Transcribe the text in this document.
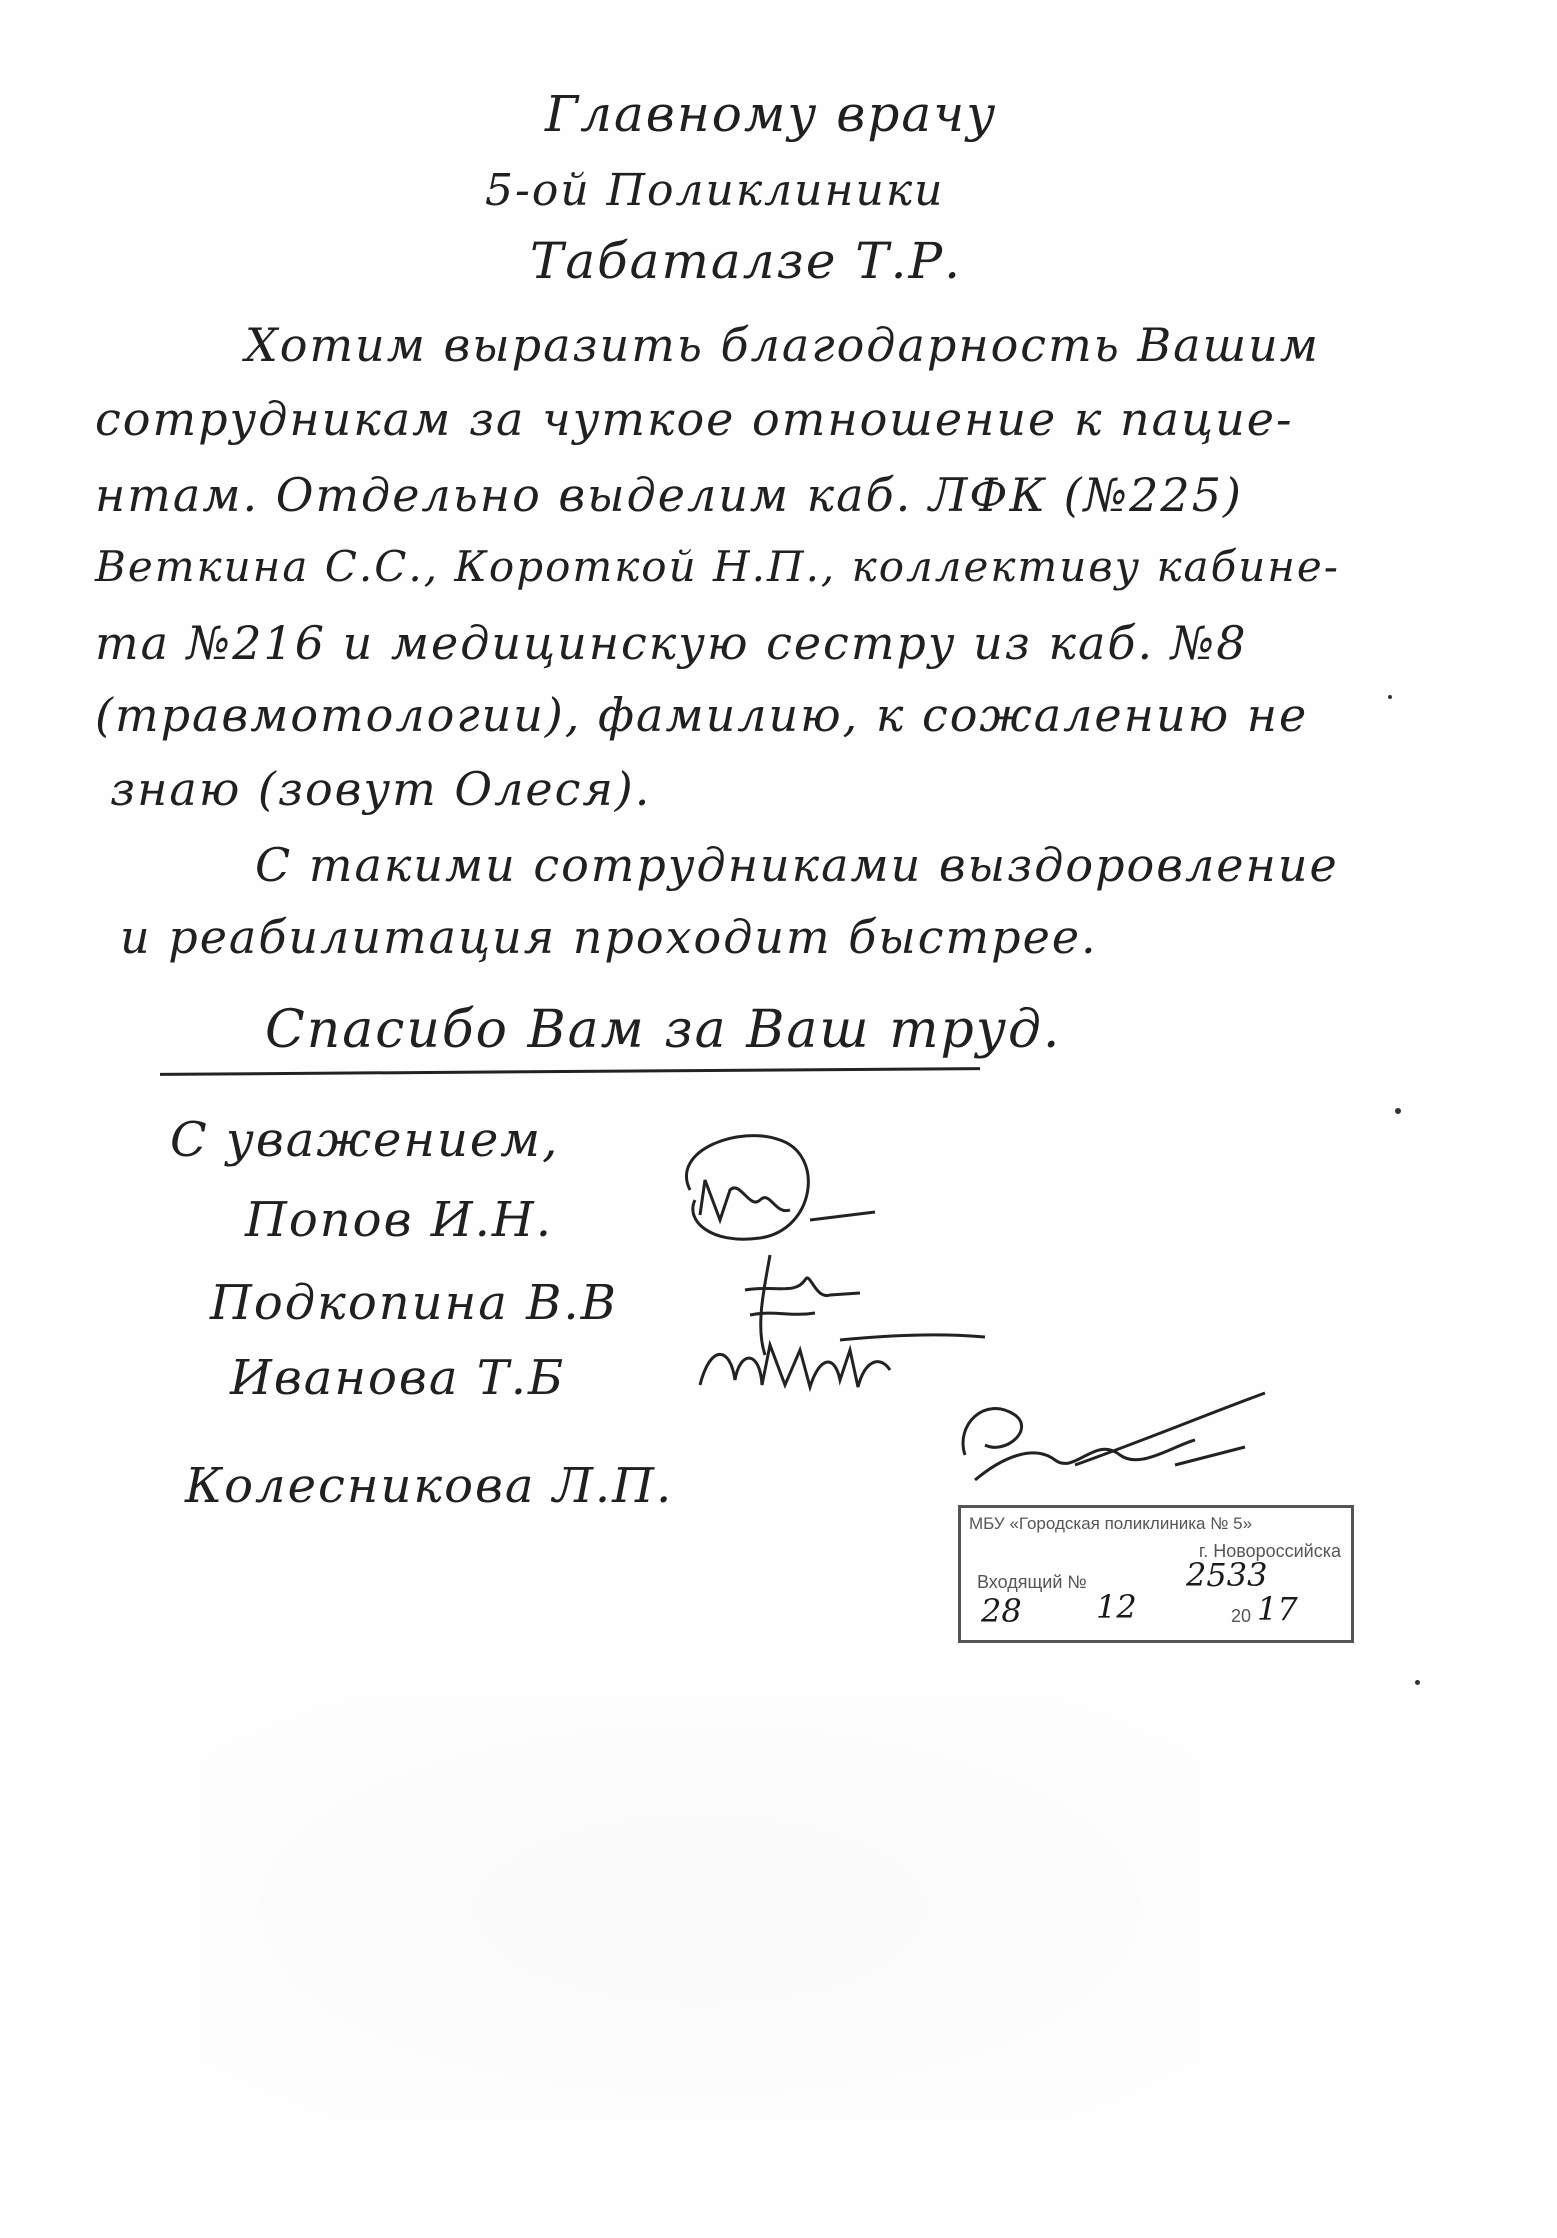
Главному врачу
5-ой Поликлиники
Табаталзе Т.Р.
Хотим выразить благодарность Вашим
сотрудникам за чуткое отношение к пацие-
нтам. Отдельно выделим каб. ЛФК (№225)
Веткина С.С., Короткой Н.П., коллективу кабине-
та №216 и медицинскую сестру из каб. №8
(травмотологии), фамилию, к сожалению не
знаю (зовут Олеся).
С такими сотрудниками выздоровление
и реабилитация проходит быстрее.
Спасибо Вам за Ваш труд.
С уважением,
Попов И.Н.
Подкопина В.В
Иванова Т.Б
Колесникова Л.П.
МБУ «Городская поликлиника № 5»
г. Новороссийска
Входящий №	2533
28 12	20 17
